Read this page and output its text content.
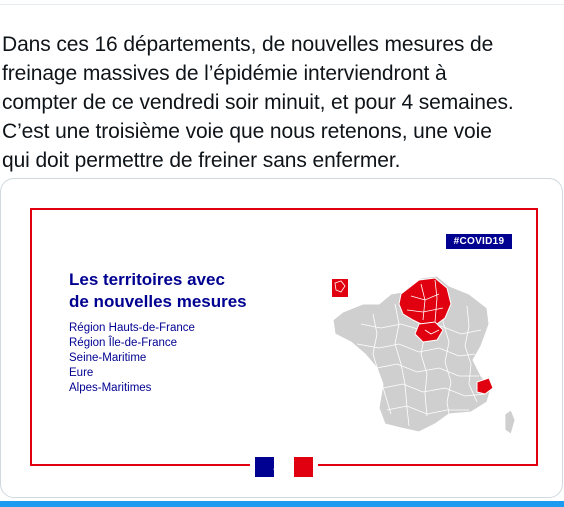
Dans ces 16 départements, de nouvelles mesures de
freinage massives de l’épidémie interviendront à
compter de ce vendredi soir minuit, et pour 4 semaines.
C’est une troisième voie que nous retenons, une voie
qui doit permettre de freiner sans enfermer.
#COVID19
Les territoires avec
de nouvelles mesures
Région Hauts-de-France
Région Île-de-France
Seine-Maritime
Eure
Alpes-Maritimes
